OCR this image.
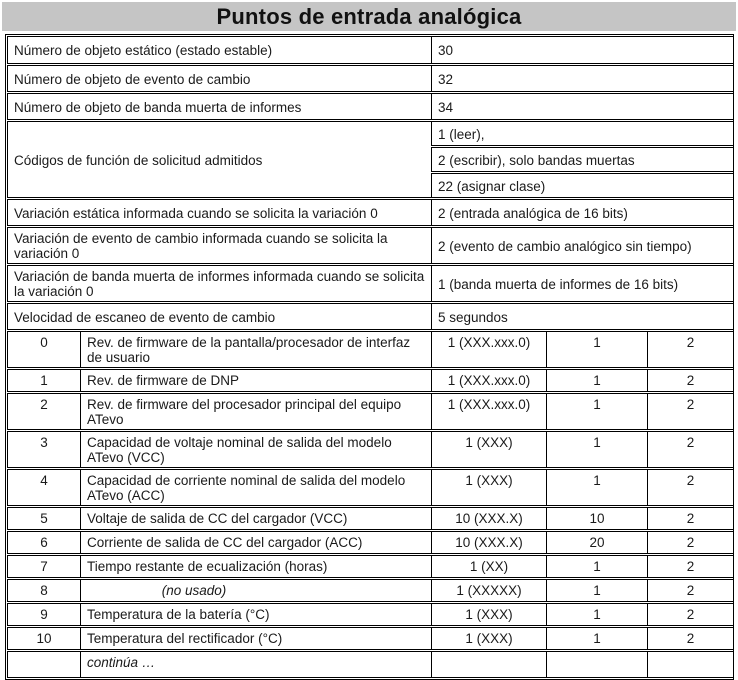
Puntos de entrada analógica
Número de objeto estático (estado estable)		30		
Número de objeto de evento de cambio		32		
Número de objeto de banda muerta de informes		34		
Códigos de función de solicitud admitidos		1 (leer),		
		2 (escribir), solo bandas muertas		
		22 (asignar clase)		
Variación estática informada cuando se solicita la variación 0		2 (entrada analógica de 16 bits)		
Variación de evento de cambio informada cuando se solicita la variación 0		2 (evento de cambio analógico sin tiempo)		
Variación de banda muerta de informes informada cuando se solicita la variación 0		1 (banda muerta de informes de 16 bits)		
Velocidad de escaneo de evento de cambio		5 segundos		
0	Rev. de firmware de la pantalla/procesador de interfaz de usuario	1 (XXX.xxx.0)	1	2
1	Rev. de firmware de DNP	1 (XXX.xxx.0)	1	2
2	Rev. de firmware del procesador principal del equipo ATevo	1 (XXX.xxx.0)	1	2
3	Capacidad de voltaje nominal de salida del modelo ATevo (VCC)	1 (XXX)	1	2
4	Capacidad de corriente nominal de salida del modelo ATevo (ACC)	1 (XXX)	1	2
5	Voltaje de salida de CC del cargador (VCC)	10 (XXX.X)	10	2
6	Corriente de salida de CC del cargador (ACC)	10 (XXX.X)	20	2
7	Tiempo restante de ecualización (horas)	1 (XX)	1	2
8	(no usado)	1 (XXXXX)	1	2
9	Temperatura de la batería (°C)	1 (XXX)	1	2
10	Temperatura del rectificador (°C)	1 (XXX)	1	2
	continúa …			
